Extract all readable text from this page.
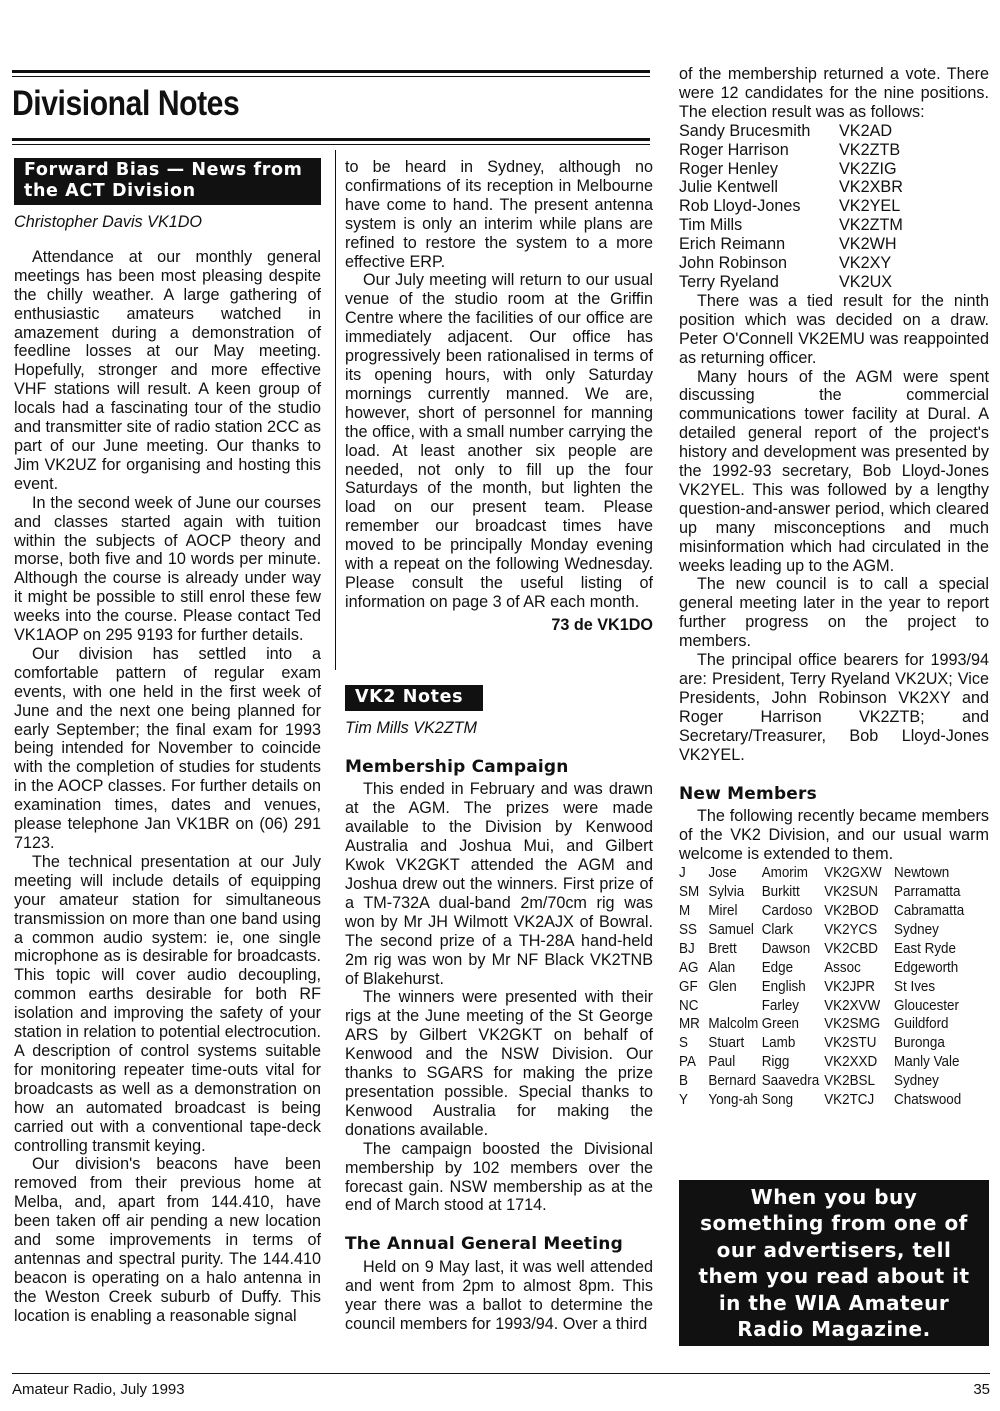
Divisional Notes
Forward Bias — News from the ACT Division
Christopher Davis VK1DO

Attendance at our monthly general meetings has been most pleasing despite the chilly weather. A large gathering of enthusiastic amateurs watched in amazement during a demonstration of feedline losses at our May meeting. Hopefully, stronger and more effective VHF stations will result. A keen group of locals had a fascinating tour of the studio and transmitter site of radio station 2CC as part of our June meeting. Our thanks to Jim VK2UZ for organising and hosting this event.

In the second week of June our courses and classes started again with tuition within the subjects of AOCP theory and morse, both five and 10 words per minute. Although the course is already under way it might be possible to still enrol these few weeks into the course. Please contact Ted VK1AOP on 295 9193 for further details.

Our division has settled into a comfortable pattern of regular exam events, with one held in the first week of June and the next one being planned for early September; the final exam for 1993 being intended for November to coincide with the completion of studies for students in the AOCP classes. For further details on examination times, dates and venues, please telephone Jan VK1BR on (06) 291 7123.

The technical presentation at our July meeting will include details of equipping your amateur station for simultaneous transmission on more than one band using a common audio system: ie, one single microphone as is desirable for broadcasts. This topic will cover audio decoupling, common earths desirable for both RF isolation and improving the safety of your station in relation to potential electrocution. A description of control systems suitable for monitoring repeater time-outs vital for broadcasts as well as a demonstration on how an automated broadcast is being carried out with a conventional tape-deck controlling transmit keying.

Our division's beacons have been removed from their previous home at Melba, and, apart from 144.410, have been taken off air pending a new location and some improvements in terms of antennas and spectral purity. The 144.410 beacon is operating on a halo antenna in the Weston Creek suburb of Duffy. This location is enabling a reasonable signal

to be heard in Sydney, although no confirmations of its reception in Melbourne have come to hand. The present antenna system is only an interim while plans are refined to restore the system to a more effective ERP.

Our July meeting will return to our usual venue of the studio room at the Griffin Centre where the facilities of our office are immediately adjacent. Our office has progressively been rationalised in terms of its opening hours, with only Saturday mornings currently manned. We are, however, short of personnel for manning the office, with a small number carrying the load. At least another six people are needed, not only to fill up the four Saturdays of the month, but lighten the load on our present team. Please remember our broadcast times have moved to be principally Monday evening with a repeat on the following Wednesday. Please consult the useful listing of information on page 3 of AR each month.

73 de VK1DO
VK2 Notes
Tim Mills VK2ZTM
Membership Campaign

This ended in February and was drawn at the AGM. The prizes were made available to the Division by Kenwood Australia and Joshua Mui, and Gilbert Kwok VK2GKT attended the AGM and Joshua drew out the winners. First prize of a TM-732A dual-band 2m/70cm rig was won by Mr JH Wilmott VK2AJX of Bowral. The second prize of a TH-28A hand-held 2m rig was won by Mr NF Black VK2TNB of Blakehurst.

The winners were presented with their rigs at the June meeting of the St George ARS by Gilbert VK2GKT on behalf of Kenwood and the NSW Division. Our thanks to SGARS for making the prize presentation possible. Special thanks to Kenwood Australia for making the donations available.

The campaign boosted the Divisional membership by 102 members over the forecast gain. NSW membership as at the end of March stood at 1714.

The Annual General Meeting

Held on 9 May last, it was well attended and went from 2pm to almost 8pm. This year there was a ballot to determine the council members for 1993/94. Over a third

of the membership returned a vote. There were 12 candidates for the nine positions. The election result was as follows:

Sandy Brucesmith	VK2AD
Roger Harrison	VK2ZTB
Roger Henley	VK2ZIG
Julie Kentwell	VK2XBR
Rob Lloyd-Jones	VK2YEL
Tim Mills	VK2ZTM
Erich Reimann	VK2WH
John Robinson	VK2XY
Terry Ryeland	VK2UX

There was a tied result for the ninth position which was decided on a draw. Peter O'Connell VK2EMU was reappointed as returning officer.

Many hours of the AGM were spent discussing the commercial communications tower facility at Dural. A detailed general report of the project's history and development was presented by the 1992-93 secretary, Bob Lloyd-Jones VK2YEL. This was followed by a lengthy question-and-answer period, which cleared up many misconceptions and much misinformation which had circulated in the weeks leading up to the AGM.

The new council is to call a special general meeting later in the year to report further progress on the project to members.

The principal office bearers for 1993/94 are: President, Terry Ryeland VK2UX; Vice Presidents, John Robinson VK2XY and Roger Harrison VK2ZTB; and Secretary/Treasurer, Bob Lloyd-Jones VK2YEL.

New Members

The following recently became members of the VK2 Division, and our usual warm welcome is extended to them.

J	Jose	Amorim	VK2GXW	Newtown
SM	Sylvia	Burkitt	VK2SUN	Parramatta
M	Mirel	Cardoso	VK2BOD	Cabramatta
SS	Samuel	Clark	VK2YCS	Sydney
BJ	Brett	Dawson	VK2CBD	East Ryde
AG	Alan	Edge	Assoc	Edgeworth
GF	Glen	English	VK2JPR	St Ives
NC		Farley	VK2XVW	Gloucester
MR	Malcolm	Green	VK2SMG	Guildford
S	Stuart	Lamb	VK2STU	Buronga
PA	Paul	Rigg	VK2XXD	Manly Vale
B	Bernard	Saavedra	VK2BSL	Sydney
Y	Yong-ah	Song	VK2TCJ	Chatswood
When you buy something from one of our advertisers, tell them you read about it in the WIA Amateur Radio Magazine.
Amateur Radio, July 1993	35
